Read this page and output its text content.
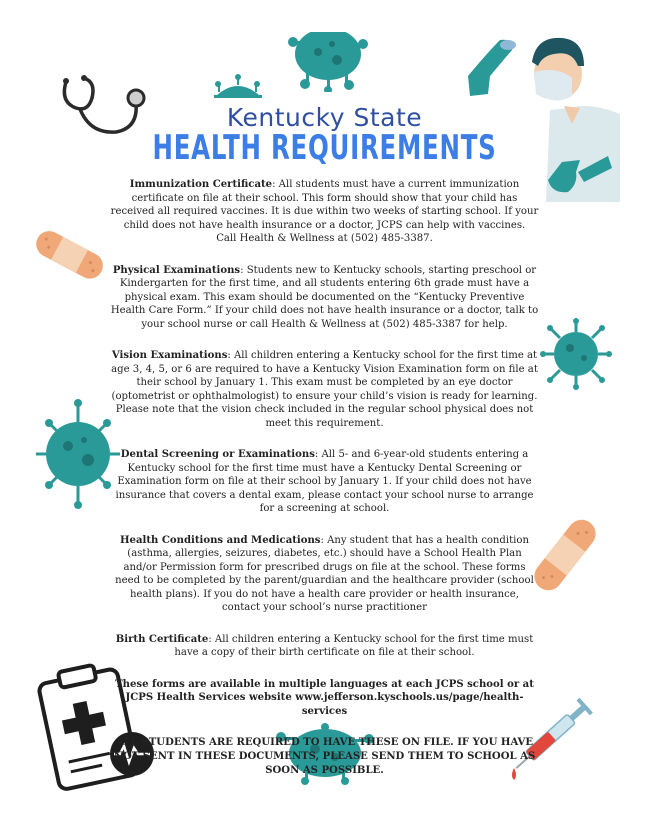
Kentucky State
HEALTH REQUIREMENTS

Immunization Certificate: All students must have a current immunization certificate on file at their school. This form should show that your child has received all required vaccines. It is due within two weeks of starting school. If your child does not have health insurance or a doctor, JCPS can help with vaccines.
Call Health & Wellness at (502) 485-3387.

Physical Examinations: Students new to Kentucky schools, starting preschool or Kindergarten for the first time, and all students entering 6th grade must have a physical exam. This exam should be documented on the “Kentucky Preventive Health Care Form.” If your child does not have health insurance or a doctor, talk to your school nurse or call Health & Wellness at (502) 485-3387 for help.

Vision Examinations: All children entering a Kentucky school for the first time at age 3, 4, 5, or 6 are required to have a Kentucky Vision Examination form on file at their school by January 1. This exam must be completed by an eye doctor (optometrist or ophthalmologist) to ensure your child’s vision is ready for learning. Please note that the vision check included in the regular school physical does not meet this requirement.

Dental Screening or Examinations: All 5- and 6-year-old students entering a Kentucky school for the first time must have a Kentucky Dental Screening or Examination form on file at their school by January 1. If your child does not have insurance that covers a dental exam, please contact your school nurse to arrange for a screening at school.

Health Conditions and Medications: Any student that has a health condition (asthma, allergies, seizures, diabetes, etc.) should have a School Health Plan and/or Permission form for prescribed drugs on file at the school. These forms need to be completed by the parent/guardian and the healthcare provider (school health plans). If you do not have a health care provider or health insurance, contact your school’s nurse practitioner

Birth Certificate: All children entering a Kentucky school for the first time must have a copy of their birth certificate on file at their school.

These forms are available in multiple languages at each JCPS school or at JCPS Health Services website www.jefferson.kyschools.us/page/health-services

ALL STUDENTS ARE REQUIRED TO HAVE THESE ON FILE. IF YOU HAVE NOT SENT IN THESE DOCUMENTS, PLEASE SEND THEM TO SCHOOL AS SOON AS POSSIBLE.
